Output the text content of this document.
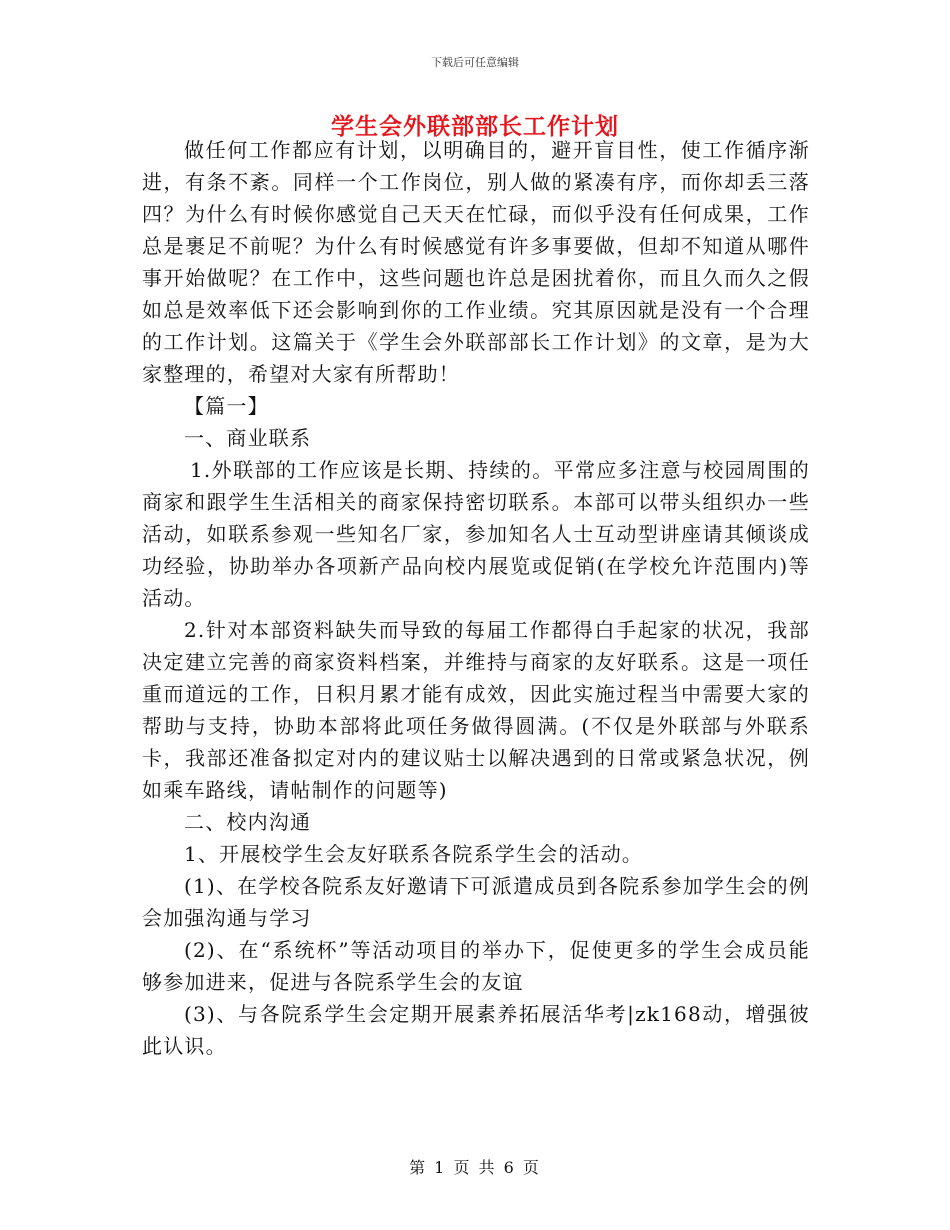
下载后可任意编辑
学生会外联部部长工作计划

做任何工作都应有计划，以明确目的，避开盲目性，使工作循序渐进，有条不紊。同样一个工作岗位，别人做的紧凑有序，而你却丢三落四？为什么有时候你感觉自己天天在忙碌，而似乎没有任何成果，工作总是裹足不前呢？为什么有时候感觉有许多事要做，但却不知道从哪件事开始做呢？在工作中，这些问题也许总是困扰着你，而且久而久之假如总是效率低下还会影响到你的工作业绩。究其原因就是没有一个合理的工作计划。这篇关于《学生会外联部部长工作计划》的文章，是为大家整理的，希望对大家有所帮助！

【篇一】

一、商业联系

1.外联部的工作应该是长期、持续的。平常应多注意与校园周围的商家和跟学生生活相关的商家保持密切联系。本部可以带头组织办一些活动，如联系参观一些知名厂家，参加知名人士互动型讲座请其倾谈成功经验，协助举办各项新产品向校内展览或促销(在学校允许范围内)等活动。

2.针对本部资料缺失而导致的每届工作都得白手起家的状况，我部决定建立完善的商家资料档案，并维持与商家的友好联系。这是一项任重而道远的工作，日积月累才能有成效，因此实施过程当中需要大家的帮助与支持，协助本部将此项任务做得圆满。(不仅是外联部与外联系卡，我部还准备拟定对内的建议贴士以解决遇到的日常或紧急状况，例如乘车路线，请帖制作的问题等)

二、校内沟通

1、开展校学生会友好联系各院系学生会的活动。

(1)、在学校各院系友好邀请下可派遣成员到各院系参加学生会的例会加强沟通与学习

(2)、在“系统杯”等活动项目的举办下，促使更多的学生会成员能够参加进来，促进与各院系学生会的友谊

(3)、与各院系学生会定期开展素养拓展活华考|zk168动，增强彼此认识。

第 1 页 共 6 页
